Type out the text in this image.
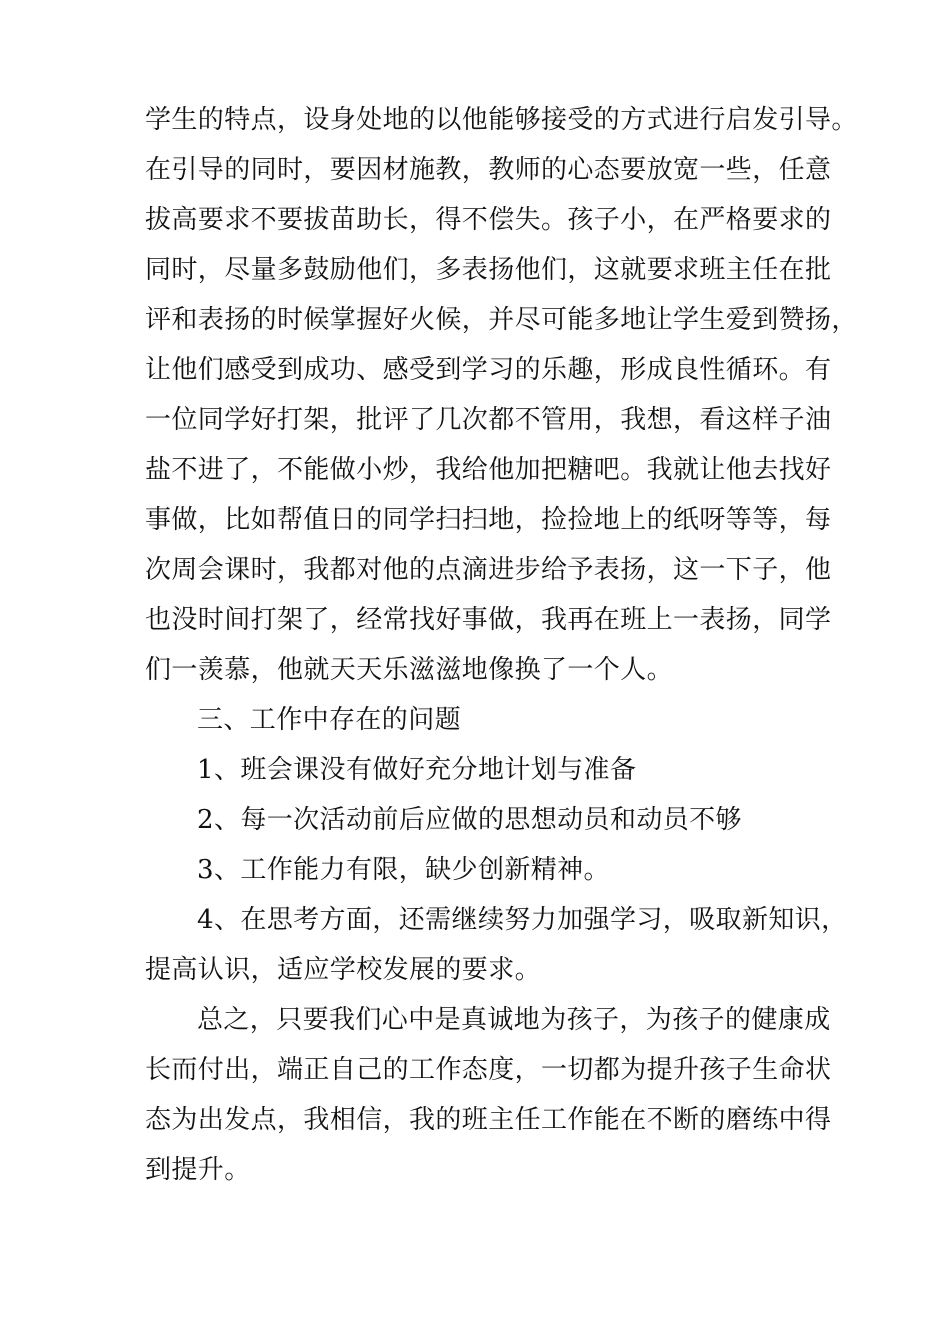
学生的特点，设身处地的以他能够接受的方式进行启发引导。
在引导的同时，要因材施教，教师的心态要放宽一些，任意
拔高要求不要拔苗助长，得不偿失。孩子小，在严格要求的
同时，尽量多鼓励他们，多表扬他们，这就要求班主任在批
评和表扬的时候掌握好火候，并尽可能多地让学生爱到赞扬，
让他们感受到成功、感受到学习的乐趣，形成良性循环。有
一位同学好打架，批评了几次都不管用，我想，看这样子油
盐不进了，不能做小炒，我给他加把糖吧。我就让他去找好
事做，比如帮值日的同学扫扫地，捡捡地上的纸呀等等，每
次周会课时，我都对他的点滴进步给予表扬，这一下子，他
也没时间打架了，经常找好事做，我再在班上一表扬，同学
们一羡慕，他就天天乐滋滋地像换了一个人。
三、工作中存在的问题
1、班会课没有做好充分地计划与准备
2、每一次活动前后应做的思想动员和动员不够
3、工作能力有限，缺少创新精神。
4、在思考方面，还需继续努力加强学习，吸取新知识，
提高认识，适应学校发展的要求。
总之，只要我们心中是真诚地为孩子，为孩子的健康成
长而付出，端正自己的工作态度，一切都为提升孩子生命状
态为出发点，我相信，我的班主任工作能在不断的磨练中得
到提升。
